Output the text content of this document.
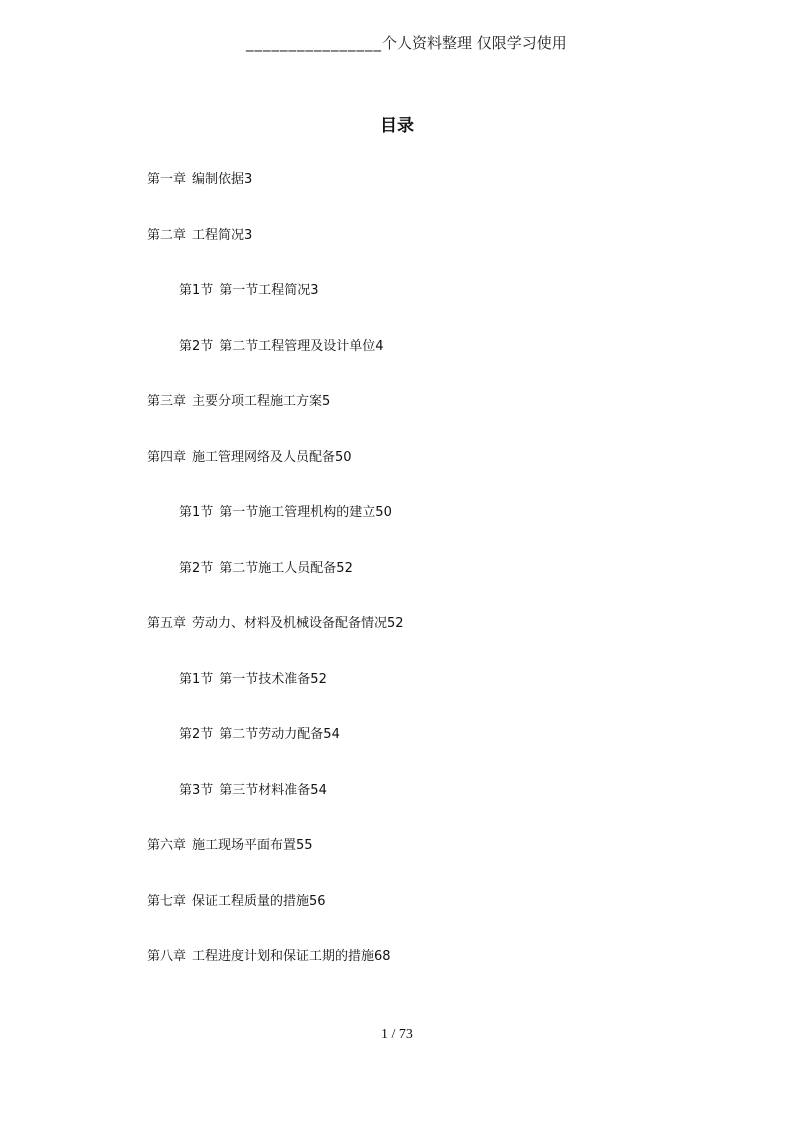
________________个人资料整理 仅限学习使用
目录
第一章 编制依据3
第二章 工程简况3
第1节 第一节工程简况3
第2节 第二节工程管理及设计单位4
第三章 主要分项工程施工方案5
第四章 施工管理网络及人员配备50
第1节 第一节施工管理机构的建立50
第2节 第二节施工人员配备52
第五章 劳动力、材料及机械设备配备情况52
第1节 第一节技术准备52
第2节 第二节劳动力配备54
第3节 第三节材料准备54
第六章 施工现场平面布置55
第七章 保证工程质量的措施56
第八章 工程进度计划和保证工期的措施68
1 / 73
